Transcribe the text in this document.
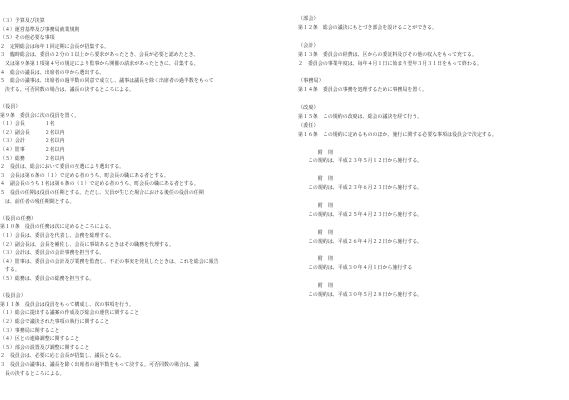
（３）予算及び決算
（４）運営基準及び事務局就業規則
（５）その他必要な事項
２　定期総会は毎年１回定期に会長が招集する。
３　臨時総会は、委員の２分の１以上から要求があったとき、会長が必要と認めたとき、
　又は第９条第１項第４号の規定により監事から開催の請求があったときに、召集する。
４　総会の議長は、出席者の中から選出する。
５　総会の議事は、出席者の過半数の同意で成立し、議事は議長を除く出席者の過半数をもって
　決する。可否同数の場合は、議長の決するところによる。
（役員）
第９条　委員会に次の役員を置く。
（１）会長　　　　１名
（２）副会長　　　２名以内
（３）会計　　　　２名以内
（４）監事　　　　２名以内
（５）総務　　　　２名以内
２　役員は、総会において委員の互選により選出する。
３　会長は第６条の（１）で定める者のうち、町会長の職にある者とする。
４　副会長のうち１名は第６条の（１）で定める者のうち、町会長の職にある者とする。
５　役員の任期は役員の任期とする。ただし、欠員が生じた場合における後任の役員の任期
　は、前任者の残任期間とする。
（役員の任務）
第１０条　役員の任務は次に定めるところによる。
（１）会長は、委員会を代表し、会務を総理する。
（２）副会長は、会長を補佐し、会長に事故あるときはその職務を代理する。
（３）会計は、委員会の会計事務を担当する。
（４）監事は、委員会の会計及び業務を監査し、不正の事実を発見したときは、これを総会に報告
　する。
（５）総務は、委員会の総務を担当する。
（役員会）
第１１条　役員会は役員をもって構成し、次の事項を行う。
（１）総会に提出する議案の作成及び総会の運営に関すること
（２）総会で議決された事項の執行に関すること
（３）事務局に関すること
（４）区との連絡調整に関すること
（５）部会の設置及び調整に関すること
２　役員会は、必要に応じ会長が招集し、議長となる。
３　役員会の議事は、議長を除く出席者の過半数をもって決する。可否同数の場合は、議
　長の決するところによる。
（部会）
第１２条　総会の議決にもとづき部会を設けることができる。
（会計）
第１３条　委員会の経費は、区からの委託料及びその他の収入をもって充てる。
２　委員会の事業年度は、毎年４月１日に始まり翌年３月３１日をもって終わる。
（事務局）
第１４条　委員会の事務を処理するために事務局を置く。
（改廃）
第１５条　この規約の改廃は、総会の議決を経て行う。
（委任）
第１６条　この規約に定めるもののほか、施行に関する必要な事項は役員会で決定する。
　　　　附　則
　　この規約は、平成２３年５月１２日から施行する。
　　　　附　則
　　この規約は、平成２３年６月２３日から施行する。
　　　　附　則
　　この規約は、平成２５年４月２３日から施行する。
　　　　附　則
　　この規約は、平成２６年４月２２日から施行する。
　　　　附　則
　　この規約は、平成３０年４月１日から施行する
　　　　附　則
　　この規約は、平成３０年５月２８日から施行する。
